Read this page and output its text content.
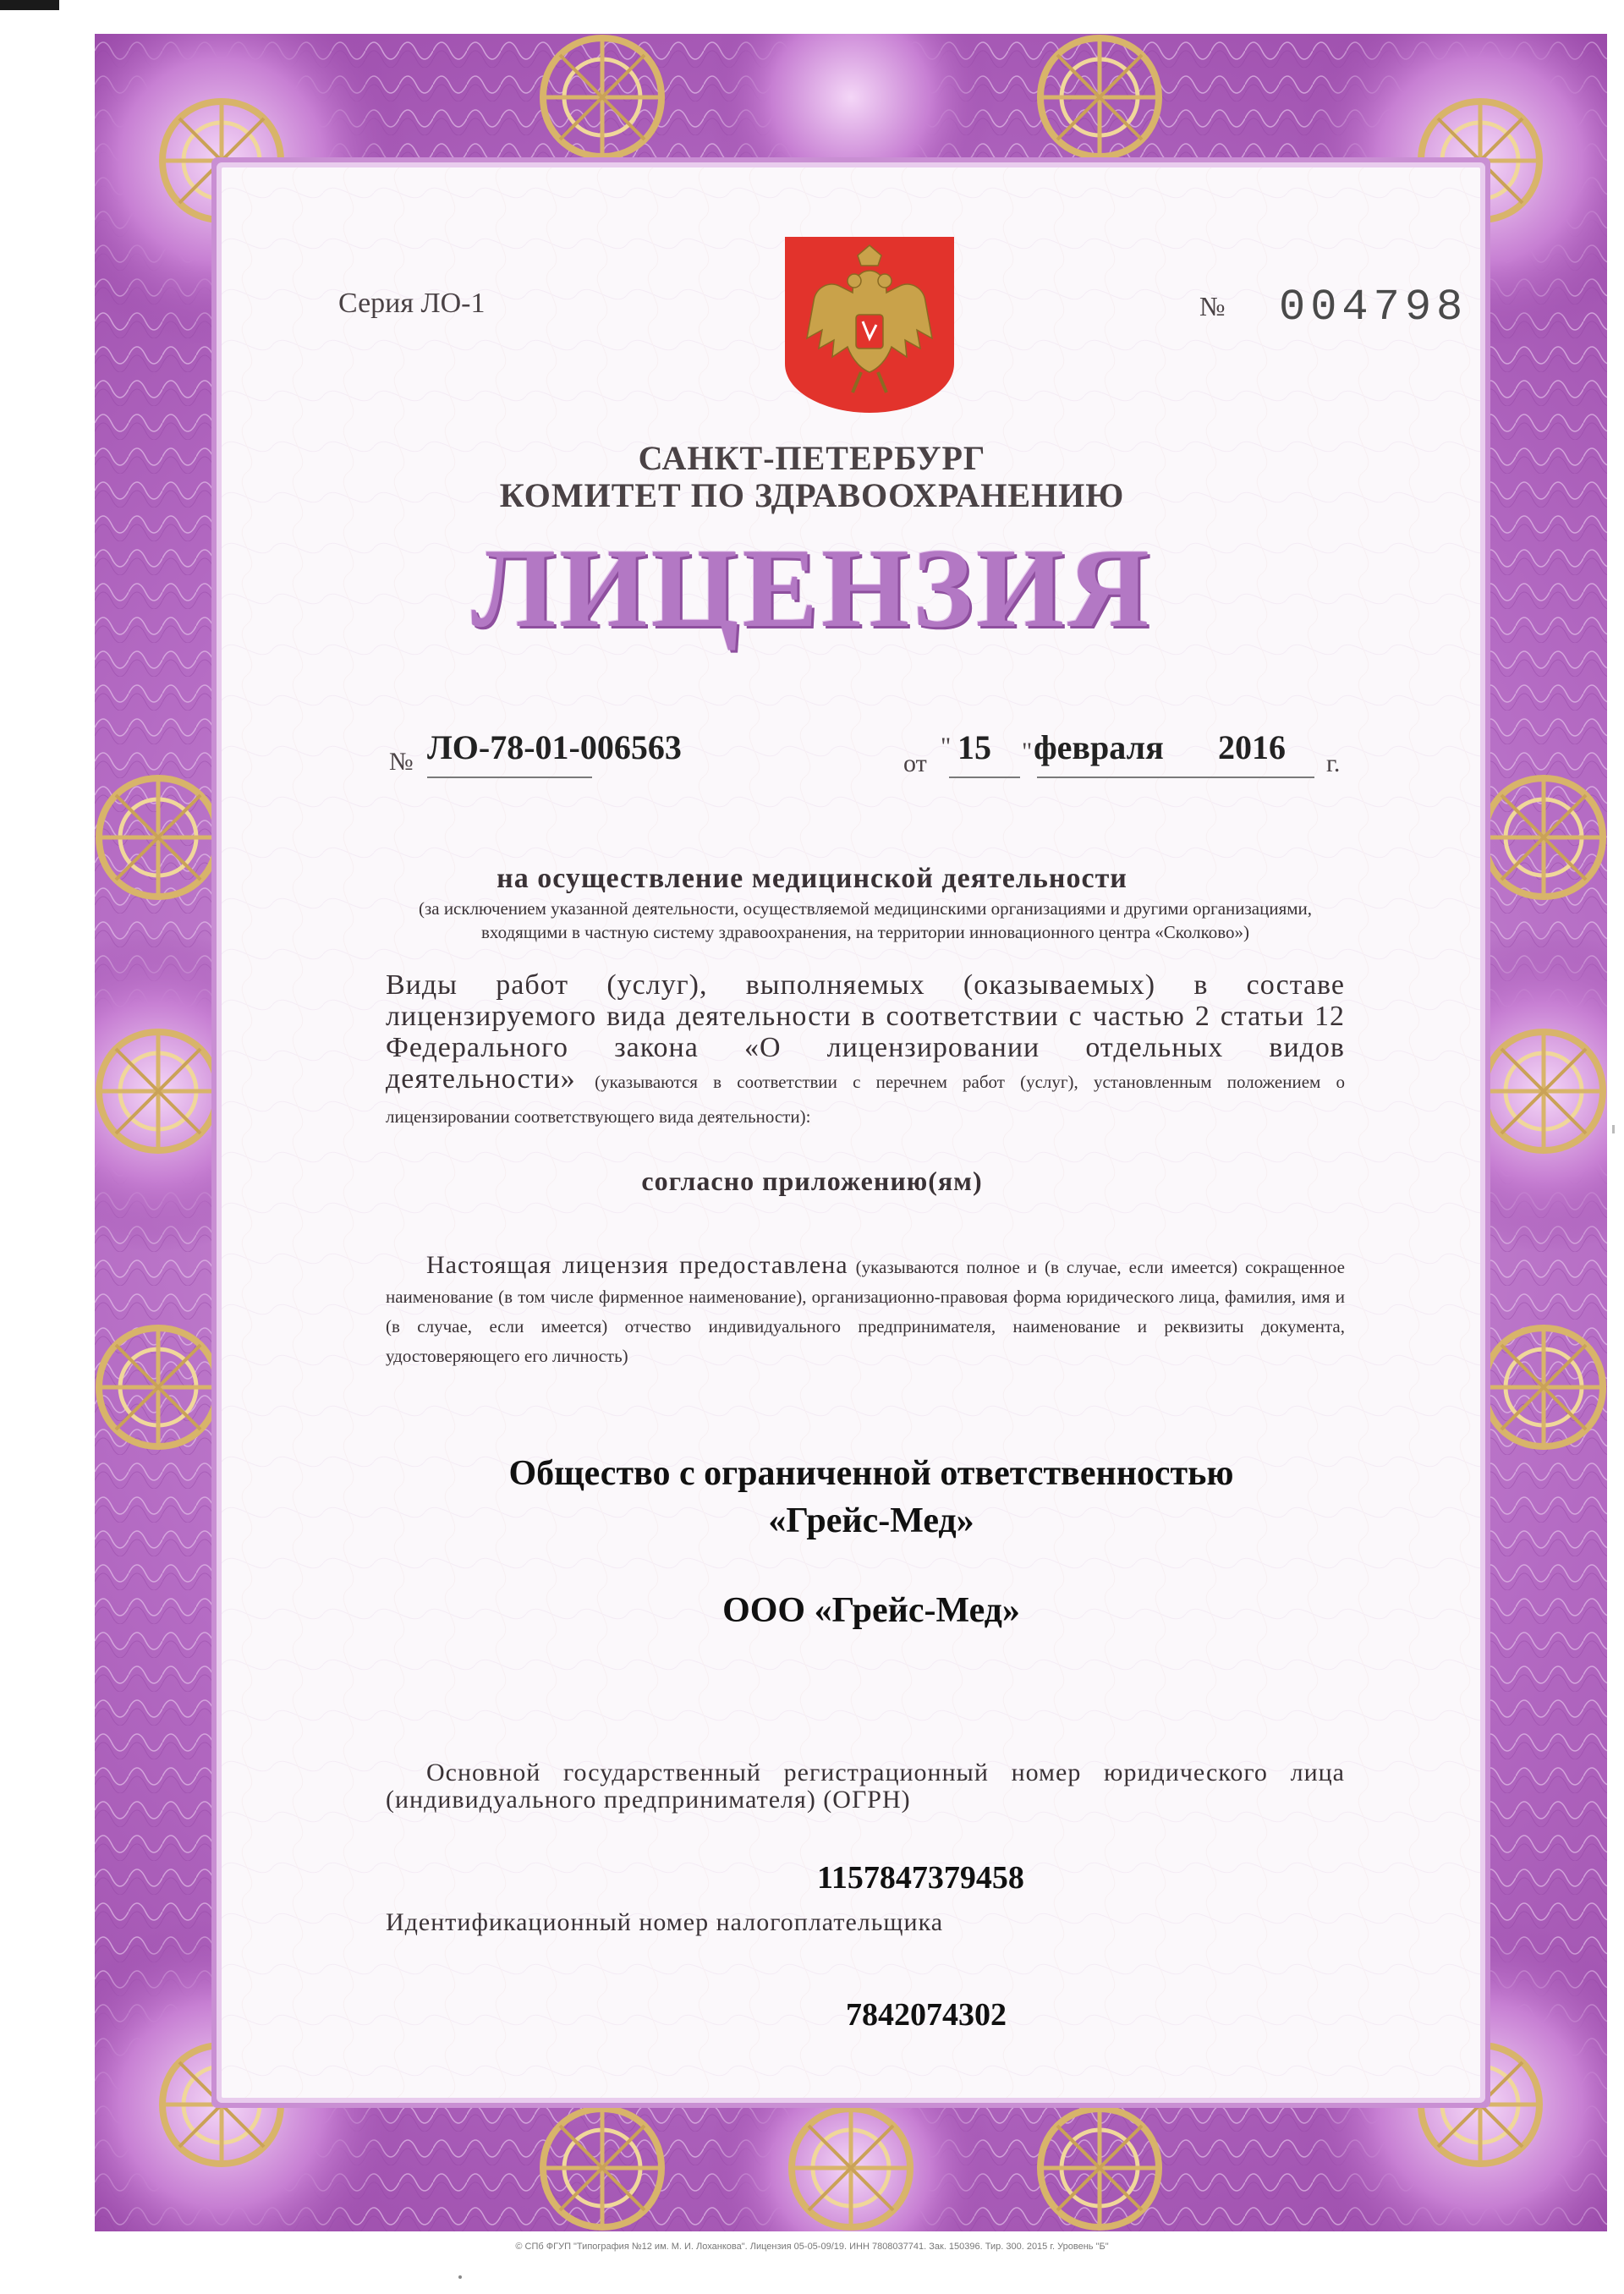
Серия ЛО-1	№ 004798
САНКТ-ПЕТЕРБУРГ
КОМИТЕТ ПО ЗДРАВООХРАНЕНИЮ
ЛИЦЕНЗИЯ
№ ЛО-78-01-006563	от
" 15 " февраля 2016 г.
на осуществление медицинской деятельности
(за исключением указанной деятельности, осуществляемой медицинскими организациями и другими организациями, входящими в частную систему здравоохранения, на территории инновационного центра «Сколково»)
Виды работ (услуг), выполняемых (оказываемых) в составе лицензируемого вида деятельности в соответствии с частью 2 статьи 12 Федерального закона «О лицензировании отдельных видов деятельности» (указываются в соответствии с перечнем работ (услуг), установленным положением о лицензировании соответствующего вида деятельности):
согласно приложению(ям)

Настоящая лицензия предоставлена (указываются полное и (в случае, если имеется) сокращенное наименование (в том числе фирменное наименование), организационно-правовая форма юридического лица, фамилия, имя и (в случае, если имеется) отчество индивидуального предпринимателя, наименование и реквизиты документа, удостоверяющего его личность)

Общество с ограниченной ответственностью
«Грейс-Мед»
ООО «Грейс-Мед»
Основной государственный регистрационный номер юридического лица (индивидуального предпринимателя) (ОГРН)
1157847379458
Идентификационный номер налогоплательщика
7842074302
© СПб ФГУП "Типография №12 им. М. И. Лоханкова". Лицензия 05-05-09/19. ИНН 7808037741. Зак. 150396. Тир. 300. 2015 г. Уровень "Б"
